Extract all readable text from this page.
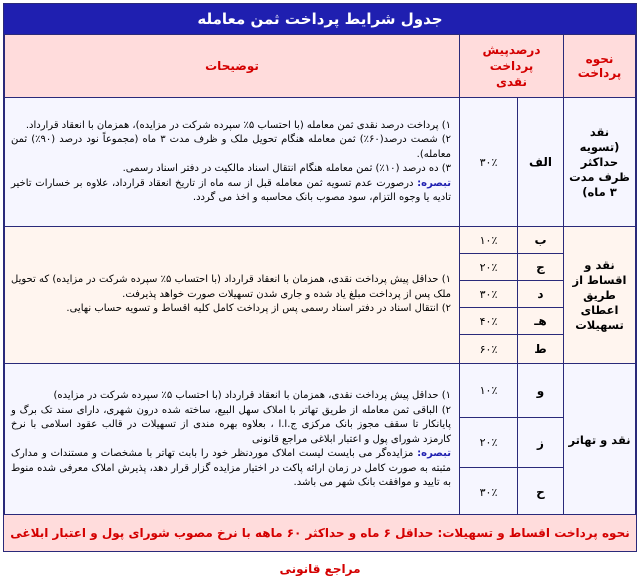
جدول شرایط پرداخت ثمن معامله
نحوه پرداخت	درصدپیش پرداخت نقدی		توضیحات
نقد (تسویه حداکثر ظرف مدت ۳ ماه)	الف	۳۰٪	۱) پرداخت درصد نقدی ثمن معامله (با احتساب ۵٪ سپرده شرکت در مزایده)، همزمان با انعقاد قرارداد.

۲) شصت درصد(۶۰٪) ثمن معامله هنگام تحویل ملک و ظرف مدت ۳ ماه (مجموعاً نود درصد (۹۰٪) ثمن معامله).

۳) ده درصد (۱۰٪) ثمن معامله هنگام انتقال اسناد مالکیت در دفتر اسناد رسمی.

تبصره: درصورت عدم تسویه ثمن معامله قبل از سه ماه از تاریخ انعقاد قرارداد، علاوه بر خسارات تاخیر تادیه یا وجوه التزام، سود مصوب بانک محاسبه و اخذ می گردد.

نقد و اقساط از طریق اعطای تسهیلات	ب	۱۰٪	۱) حداقل پیش پرداخت نقدی، همزمان با انعقاد قرارداد (با احتساب ۵٪ سپرده شرکت در مزایده) که تحویل ملک پس از پرداخت مبلغ یاد شده و جاری شدن تسهیلات صورت خواهد پذیرفت.

۲) انتقال اسناد در دفتر اسناد رسمی پس از پرداخت کامل کلیه اقساط و تسویه حساب نهایی.

	ج	۲۰٪	
	د	۳۰٪	
	هـ	۴۰٪	
	ط	۶۰٪	
نقد و تهاتر	و	۱۰٪	۱) حداقل پیش پرداخت نقدی، همزمان با انعقاد قرارداد (با احتساب ۵٪ سپرده شرکت در مزایده)

۲) الباقی ثمن معامله از طریق تهاتر با املاک سهل البیع، ساخته شده درون شهری، دارای سند تک برگ و پایانکار تا سقف مجوز بانک مرکزی ج.ا.ا ، بعلاوه بهره مندی از تسهیلات در قالب عقود اسلامی با نرخ کارمزد شورای پول و اعتبار ابلاغی مراجع قانونی

تبصره: مزایده‌گر می بایست لیست املاک موردنظر خود را بابت تهاتر با مشخصات و مستندات و مدارک مثبته به صورت کامل در زمان ارائه پاکت در اختیار مزایده گزار قرار دهد، پذیرش املاک معرفی شده منوط به تایید و موافقت بانک شهر می باشد.

	ز	۲۰٪	
	ح	۳۰٪	
نحوه پرداخت اقساط و تسهیلات: حداقل ۶ ماه و حداکثر ۶۰ ماهه با نرخ مصوب شورای پول و اعتبار ابلاغی مراجع قانونی
